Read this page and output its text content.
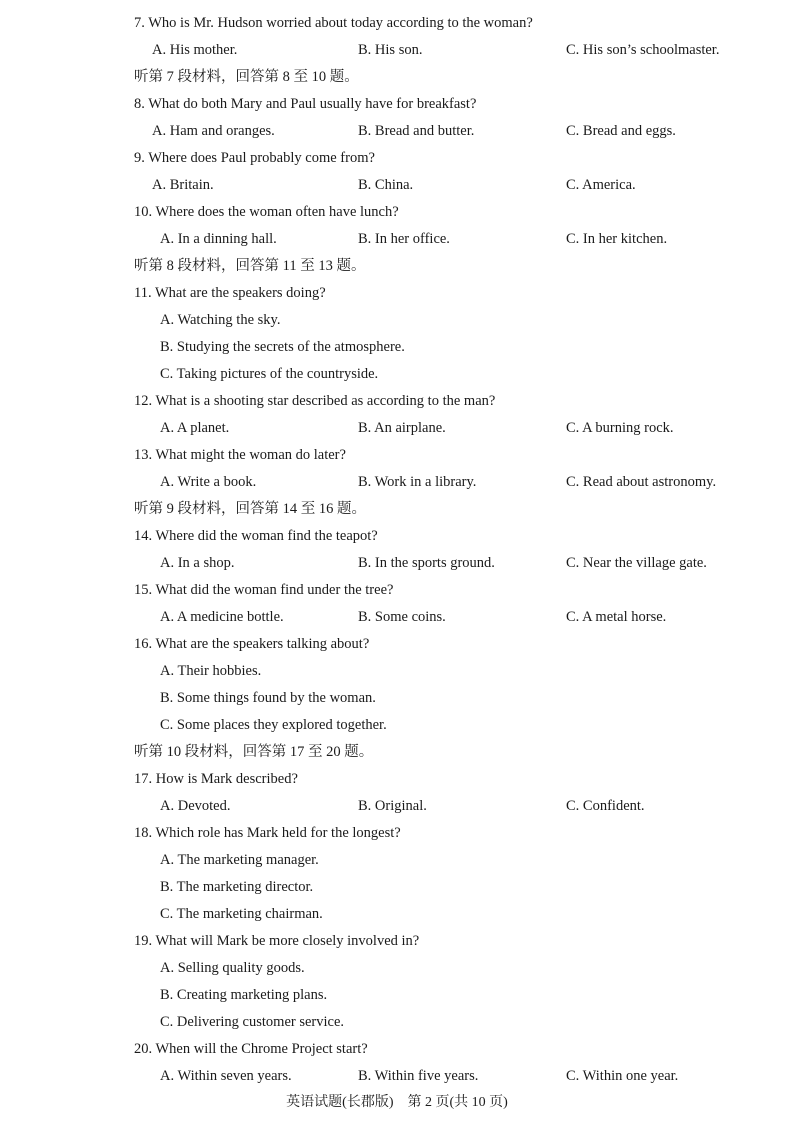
7. Who is Mr. Hudson worried about today according to the woman?
A. His mother.	B. His son.	C. His son’s schoolmaster.
听第 7 段材料，回答第 8 至 10 题。
8. What do both Mary and Paul usually have for breakfast?
A. Ham and oranges.	B. Bread and butter.	C. Bread and eggs.
9. Where does Paul probably come from?
A. Britain.	B. China.	C. America.
10. Where does the woman often have lunch?
A. In a dinning hall.	B. In her office.	C. In her kitchen.
听第 8 段材料，回答第 11 至 13 题。
11. What are the speakers doing?
A. Watching the sky.
B. Studying the secrets of the atmosphere.
C. Taking pictures of the countryside.
12. What is a shooting star described as according to the man?
A. A planet.	B. An airplane.	C. A burning rock.
13. What might the woman do later?
A. Write a book.	B. Work in a library.	C. Read about astronomy.
听第 9 段材料，回答第 14 至 16 题。
14. Where did the woman find the teapot?
A. In a shop.	B. In the sports ground.	C. Near the village gate.
15. What did the woman find under the tree?
A. A medicine bottle.	B. Some coins.	C. A metal horse.
16. What are the speakers talking about?
A. Their hobbies.
B. Some things found by the woman.
C. Some places they explored together.
听第 10 段材料，回答第 17 至 20 题。
17. How is Mark described?
A. Devoted.	B. Original.	C. Confident.
18. Which role has Mark held for the longest?
A. The marketing manager.
B. The marketing director.
C. The marketing chairman.
19. What will Mark be more closely involved in?
A. Selling quality goods.
B. Creating marketing plans.
C. Delivering customer service.
20. When will the Chrome Project start?
A. Within seven years.	B. Within five years.	C. Within one year.
英语试题(长郡版)　第 2 页(共 10 页)
